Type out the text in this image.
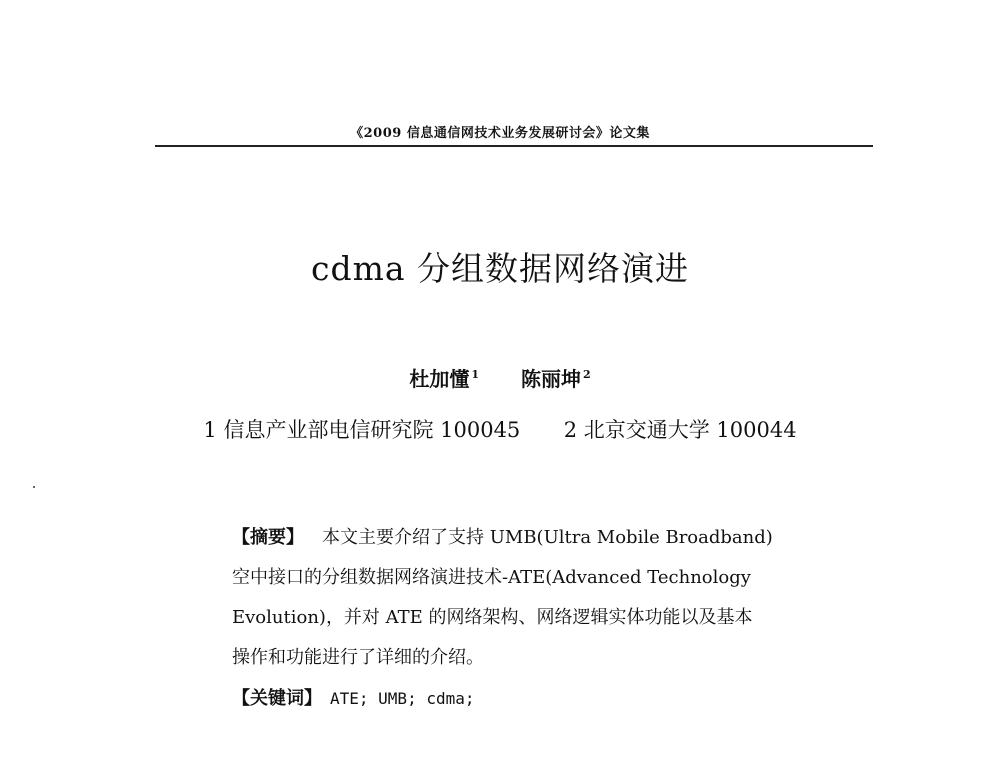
《2009 信息通信网技术业务发展研讨会》论文集
cdma 分组数据网络演进
杜加懂 $^1$ 陈丽坤 $^2$
1 信息产业部电信研究院 100045 2 北京交通大学 100044
【摘要】 本文主要介绍了支持 UMB(Ultra Mobile Broadband)
空中接口的分组数据网络演进技术-ATE(Advanced Technology
Evolution)，并对 ATE 的网络架构、网络逻辑实体功能以及基本
操作和功能进行了详细的介绍。
【关键词】 ATE; UMB; cdma;
